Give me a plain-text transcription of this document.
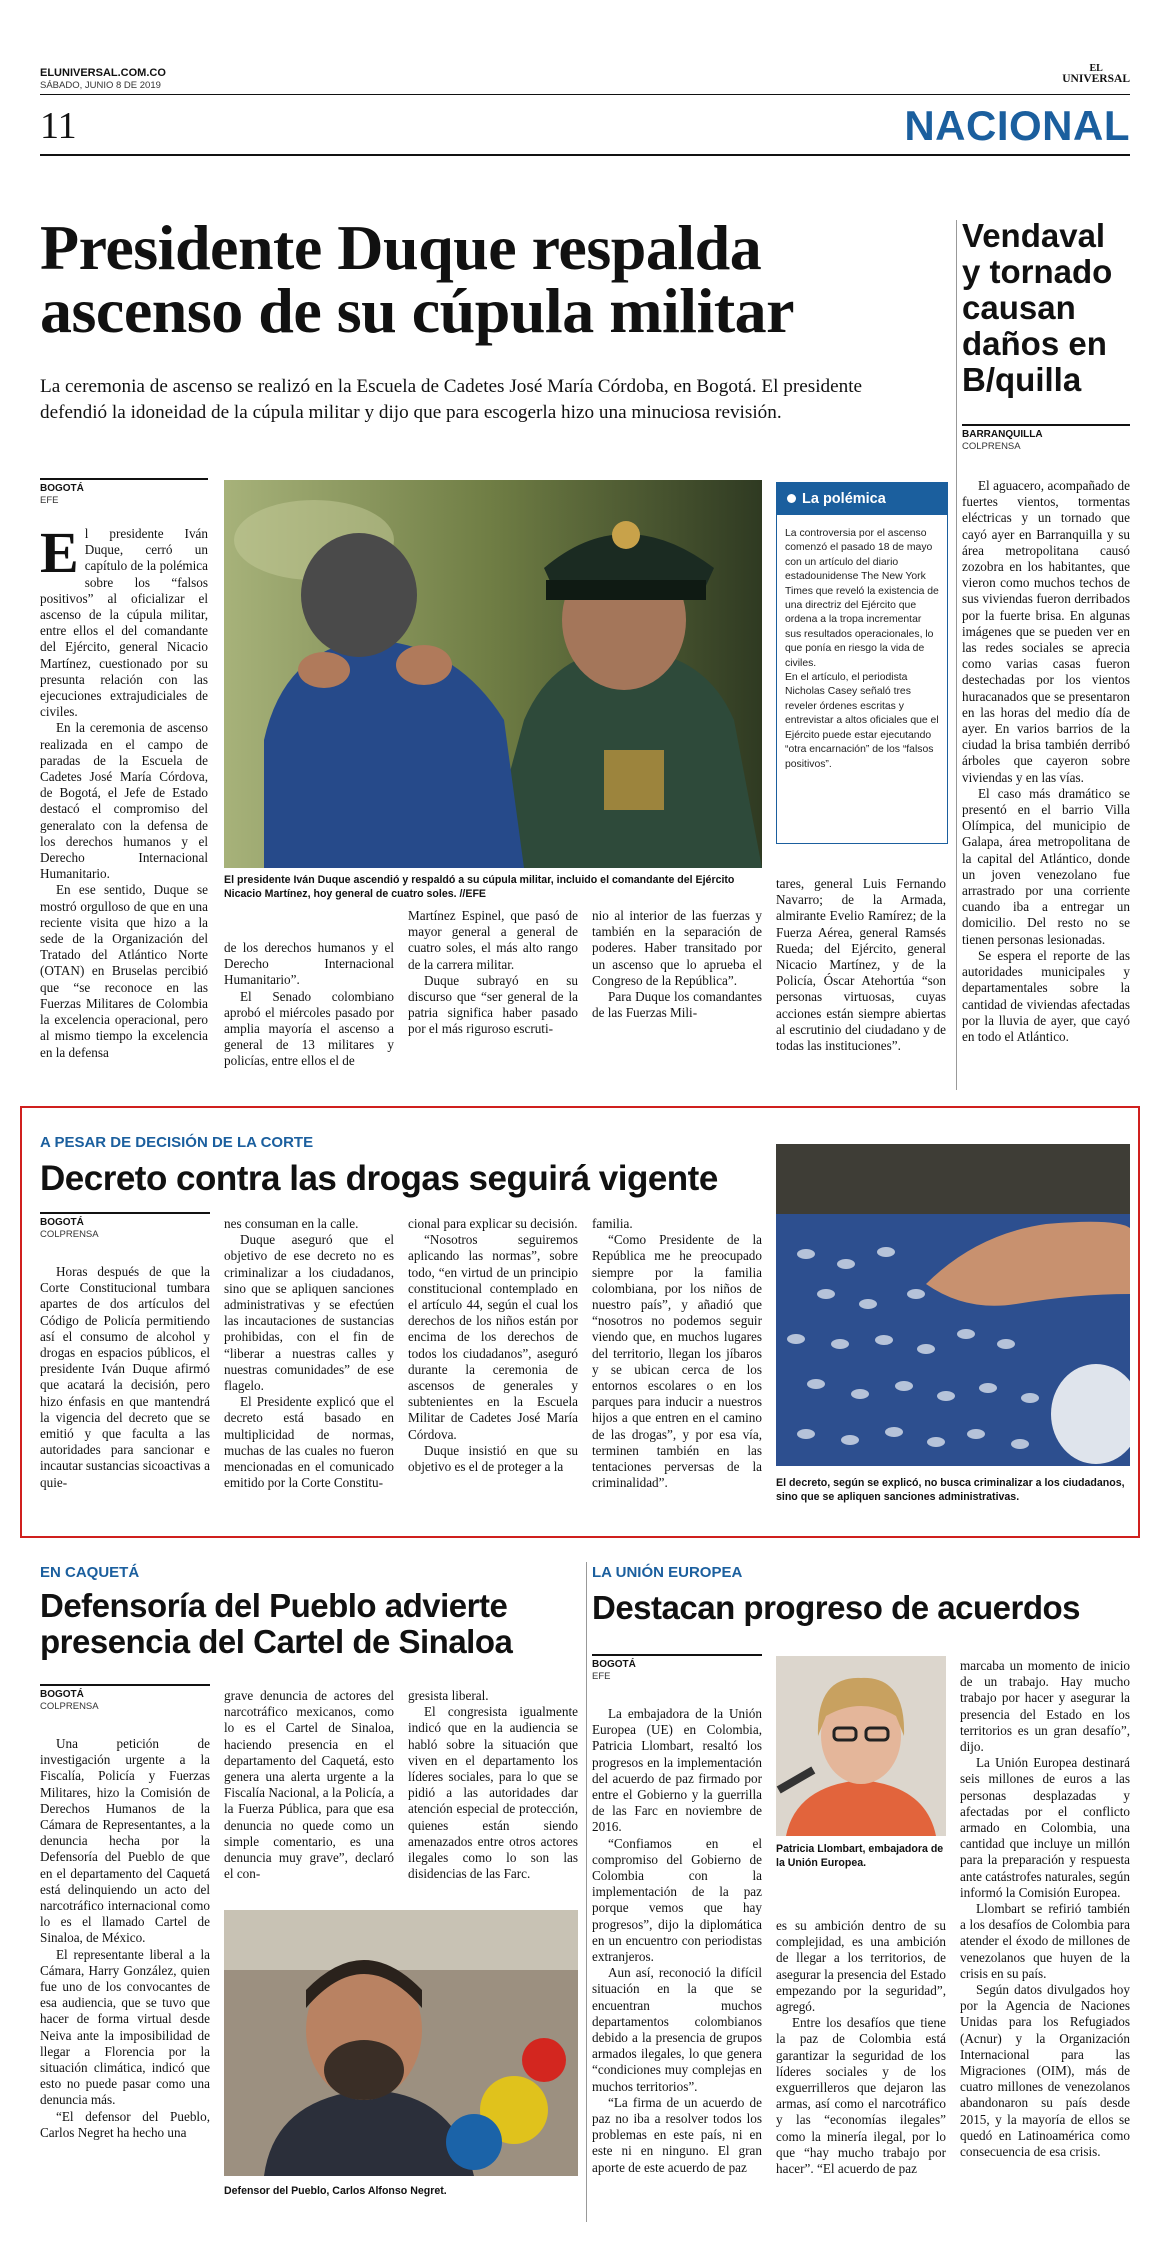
ELUNIVERSAL.COM.CO
SÁBADO, JUNIO 8 DE 2019
EL
UNIVERSAL
11	NACIONAL
Presidente Duque respalda ascenso de su cúpula militar
La ceremonia de ascenso se realizó en la Escuela de Cadetes José María Córdoba, en Bogotá. El presidente defendió la idoneidad de la cúpula militar y dijo que para escogerla hizo una minuciosa revisión.
BOGOTÁ
EFE

El presidente Iván Duque, cerró un capítulo de la polémica sobre los “falsos positivos” al oficializar el ascenso de la cúpula militar, entre ellos el del comandante del Ejército, general Nicacio Martínez, cuestionado por su presunta relación con las ejecuciones extrajudiciales de civiles.

En la ceremonia de ascenso realizada en el campo de paradas de la Escuela de Cadetes José María Córdova, de Bogotá, el Jefe de Estado destacó el compromiso del generalato con la defensa de los derechos humanos y el Derecho Internacional Humanitario.

En ese sentido, Duque se mostró orgulloso de que en una reciente visita que hizo a la sede de la Organización del Tratado del Atlántico Norte (OTAN) en Bruselas percibió que “se reconoce en las Fuerzas Militares de Colombia la excelencia operacional, pero al mismo tiempo la excelencia en la defensa

El presidente Iván Duque ascendió y respaldó a su cúpula militar, incluido el comandante del Ejército Nicacio Martínez, hoy general de cuatro soles. //EFE
La polémica
La controversia por el ascenso comenzó el pasado 18 de mayo con un artículo del diario estadounidense The New York Times que reveló la existencia de una directriz del Ejército que ordena a la tropa incrementar sus resultados operacionales, lo que ponía en riesgo la vida de civiles.
En el artículo, el periodista Nicholas Casey señaló tres reveler órdenes escritas y entrevistar a altos oficiales que el Ejército puede estar ejecutando “otra encarnación” de los “falsos positivos”.

de los derechos humanos y el Derecho Internacional Humanitario”.

El Senado colombiano aprobó el miércoles pasado por amplia mayoría el ascenso a general de 13 militares y policías, entre ellos el de

Martínez Espinel, que pasó de mayor general a general de cuatro soles, el más alto rango de la carrera militar.

Duque subrayó en su discurso que “ser general de la patria significa haber pasado por el más riguroso escruti-

nio al interior de las fuerzas y también en la separación de poderes. Haber transitado por un ascenso que lo aprueba el Congreso de la República”.

Para Duque los comandantes de las Fuerzas Mili-

tares, general Luis Fernando Navarro; de la Armada, almirante Evelio Ramírez; de la Fuerza Aérea, general Ramsés Rueda; del Ejército, general Nicacio Martínez, y de la Policía, Óscar Atehortúa “son personas virtuosas, cuyas acciones están siempre abiertas al escrutinio del ciudadano y de todas las instituciones”.

Vendaval y tornado causan daños en B/quilla
BARRANQUILLA
COLPRENSA

El aguacero, acompañado de fuertes vientos, tormentas eléctricas y un tornado que cayó ayer en Barranquilla y su área metropolitana causó zozobra en los habitantes, que vieron como muchos techos de sus viviendas fueron derribados por la fuerte brisa. En algunas imágenes que se pueden ver en las redes sociales se aprecia como varias casas fueron destechadas por los vientos huracanados que se presentaron en las horas del medio día de ayer. En varios barrios de la ciudad la brisa también derribó árboles que cayeron sobre viviendas y en las vías.

El caso más dramático se presentó en el barrio Villa Olímpica, del municipio de Galapa, área metropolitana de la capital del Atlántico, donde un joven venezolano fue arrastrado por una corriente cuando iba a entregar un domicilio. Del resto no se tienen personas lesionadas.

Se espera el reporte de las autoridades municipales y departamentales sobre la cantidad de viviendas afectadas por la lluvia de ayer, que cayó en todo el Atlántico.

A PESAR DE DECISIÓN DE LA CORTE
Decreto contra las drogas seguirá vigente
BOGOTÁ
COLPRENSA

Horas después de que la Corte Constitucional tumbara apartes de dos artículos del Código de Policía permitiendo así el consumo de alcohol y drogas en espacios públicos, el presidente Iván Duque afirmó que acatará la decisión, pero hizo énfasis en que mantendrá la vigencia del decreto que se emitió y que faculta a las autoridades para sancionar e incautar sustancias sicoactivas a quie-

nes consuman en la calle.

Duque aseguró que el objetivo de ese decreto no es criminalizar a los ciudadanos, sino que se apliquen sanciones administrativas y se efectúen las incautaciones de sustancias prohibidas, con el fin de “liberar a nuestras calles y nuestras comunidades” de ese flagelo.

El Presidente explicó que el decreto está basado en multiplicidad de normas, muchas de las cuales no fueron mencionadas en el comunicado emitido por la Corte Constitu-

cional para explicar su decisión.

“Nosotros seguiremos aplicando las normas”, sobre todo, “en virtud de un principio constitucional contemplado en el artículo 44, según el cual los derechos de los niños están por encima de los derechos de todos los ciudadanos”, aseguró durante la ceremonia de ascensos de generales y subtenientes en la Escuela Militar de Cadetes José María Córdova.

Duque insistió en que su objetivo es el de proteger a la

familia.

“Como Presidente de la República me he preocupado siempre por la familia colombiana, por los niños de nuestro país”, y añadió que “nosotros no podemos seguir viendo que, en muchos lugares del territorio, llegan los jíbaros y se ubican cerca de los entornos escolares o en los parques para inducir a nuestros hijos a que entren en el camino de las drogas”, y por esa vía, terminen también en las tentaciones perversas de la criminalidad”.	El decreto, según se explicó, no busca criminalizar a los ciudadanos, sino que se apliquen sanciones administrativas.
EN CAQUETÁ
Defensoría del Pueblo advierte presencia del Cartel de Sinaloa
BOGOTÁ
COLPRENSA

Una petición de investigación urgente a la Fiscalía, Policía y Fuerzas Militares, hizo la Comisión de Derechos Humanos de la Cámara de Representantes, a la denuncia hecha por la Defensoría del Pueblo de que en el departamento del Caquetá está delinquiendo un acto del narcotráfico internacional como lo es el llamado Cartel de Sinaloa, de México.

El representante liberal a la Cámara, Harry González, quien fue uno de los convocantes de esa audiencia, que se tuvo que hacer de forma virtual desde Neiva ante la imposibilidad de llegar a Florencia por la situación climática, indicó que esto no puede pasar como una denuncia más.

“El defensor del Pueblo, Carlos Negret ha hecho una

grave denuncia de actores del narcotráfico mexicanos, como lo es el Cartel de Sinaloa, haciendo presencia en el departamento del Caquetá, esto genera una alerta urgente a la Fiscalía Nacional, a la Policía, a la Fuerza Pública, para que esa denuncia no quede como un simple comentario, es una denuncia muy grave”, declaró el con-

gresista liberal.

El congresista igualmente indicó que en la audiencia se habló sobre la situación que viven en el departamento los líderes sociales, para lo que se pidió a las autoridades dar atención especial de protección, quienes están siendo amenazados entre otros actores ilegales como lo son las disidencias de las Farc.

Defensor del Pueblo, Carlos Alfonso Negret.
LA UNIÓN EUROPEA
Destacan progreso de acuerdos
BOGOTÁ
EFE

La embajadora de la Unión Europea (UE) en Colombia, Patricia Llombart, resaltó los progresos en la implementación del acuerdo de paz firmado por entre el Gobierno y la guerrilla de las Farc en noviembre de 2016.

“Confiamos en el compromiso del Gobierno de Colombia con la implementación de la paz porque vemos que hay progresos”, dijo la diplomática en un encuentro con periodistas extranjeros.

Aun así, reconoció la difícil situación en la que se encuentran muchos departamentos colombianos debido a la presencia de grupos armados ilegales, lo que genera “condiciones muy complejas en muchos territorios”.

“La firma de un acuerdo de paz no iba a resolver todos los problemas en este país, ni en este ni en ninguno. El gran aporte de este acuerdo de paz

Patricia Llombart, embajadora de la Unión Europea.

es su ambición dentro de su complejidad, es una ambición de llegar a los territorios, de asegurar la presencia del Estado empezando por la seguridad”, agregó.

Entre los desafíos que tiene la paz de Colombia está garantizar la seguridad de los líderes sociales y de los exguerrilleros que dejaron las armas, así como el narcotráfico y las “economías ilegales” como la minería ilegal, por lo que “hay mucho trabajo por hacer”. “El acuerdo de paz

marcaba un momento de inicio de un trabajo. Hay mucho trabajo por hacer y asegurar la presencia del Estado en los territorios es un gran desafío”, dijo.

La Unión Europea destinará seis millones de euros a las personas desplazadas y afectadas por el conflicto armado en Colombia, una cantidad que incluye un millón para la preparación y respuesta ante catástrofes naturales, según informó la Comisión Europea.

Llombart se refirió también a los desafíos de Colombia para atender el éxodo de millones de venezolanos que huyen de la crisis en su país.

Según datos divulgados hoy por la Agencia de Naciones Unidas para los Refugiados (Acnur) y la Organización Internacional para las Migraciones (OIM), más de cuatro millones de venezolanos abandonaron su país desde 2015, y la mayoría de ellos se quedó en Latinoamérica como consecuencia de esa crisis.
